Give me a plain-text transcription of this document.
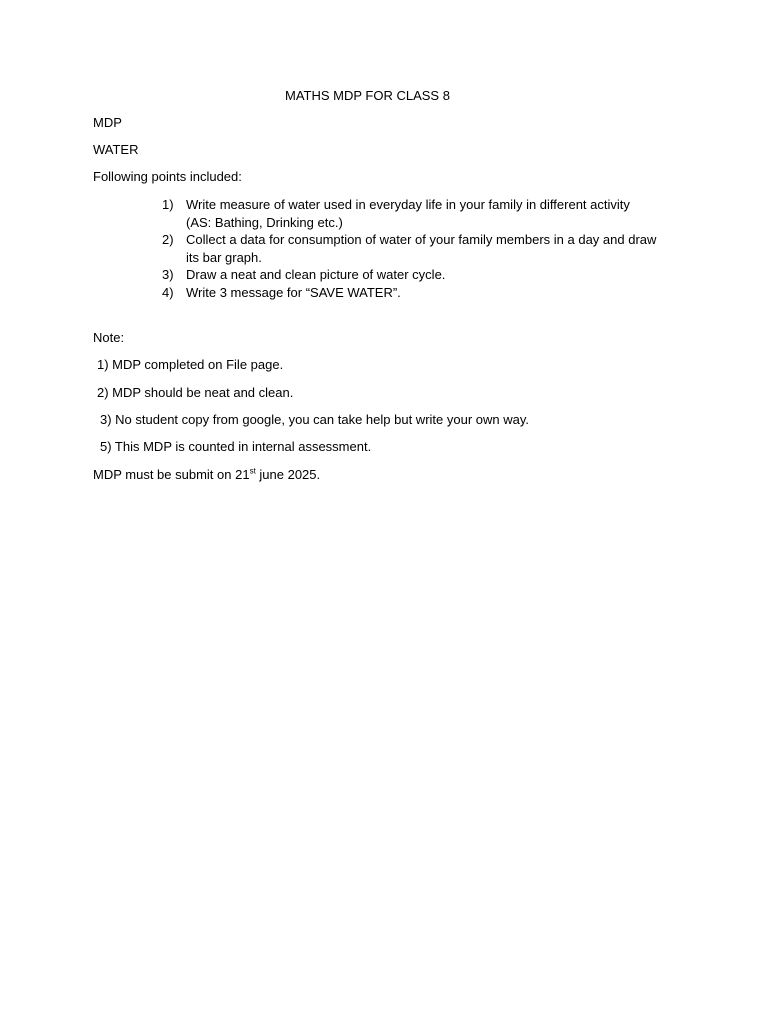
MATHS MDP FOR CLASS 8
MDP
WATER
Following points included:
1) Write measure of water used in everyday life in your family in different activity
(AS: Bathing, Drinking etc.)
2) Collect a data for consumption of water of your family members in a day and draw
its bar graph.
3) Draw a neat and clean picture of water cycle.
4) Write 3 message for “SAVE WATER”.
Note:
1) MDP completed on File page.
2) MDP should be neat and clean.
3) No student copy from google, you can take help but write your own way.
5) This MDP is counted in internal assessment.
MDP must be submit on 21st june 2025.
